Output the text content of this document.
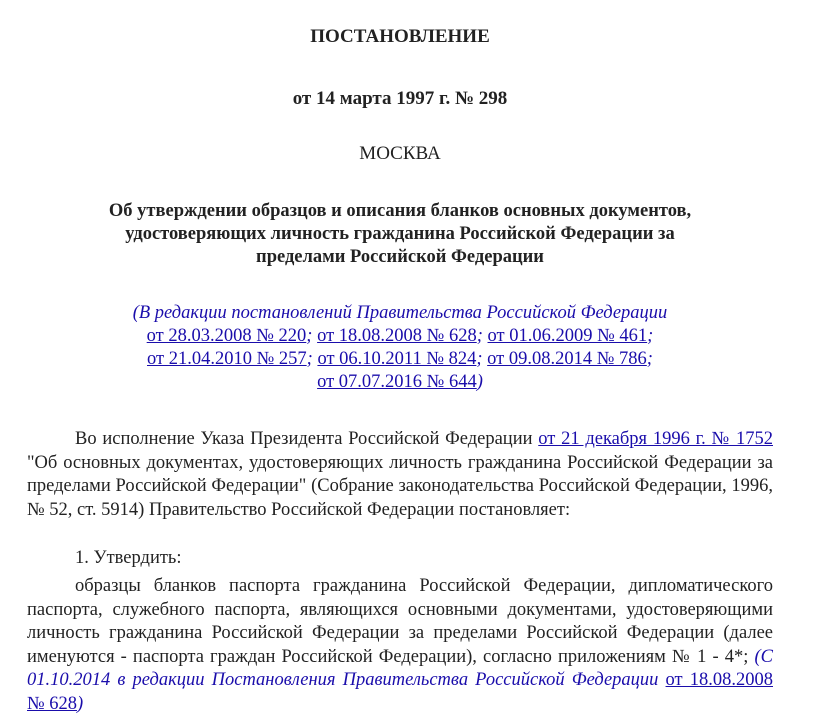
ПОСТАНОВЛЕНИЕ
от 14 марта 1997 г. № 298
МОСКВА
Об утверждении образцов и описания бланков основных документов, удостоверяющих личность гражданина Российской Федерации за пределами Российской Федерации
(В редакции постановлений Правительства Российской Федерации
от 28.03.2008 № 220; от 18.08.2008 № 628; от 01.06.2009 № 461;
от 21.04.2010 № 257; от 06.10.2011 № 824; от 09.08.2014 № 786;
от 07.07.2016 № 644)
Во исполнение Указа Президента Российской Федерации от 21 декабря 1996 г. № 1752 "Об основных документах, удостоверяющих личность гражданина Российской Федерации за пределами Российской Федерации" (Собрание законодательства Российской Федерации, 1996, № 52, ст. 5914) Правительство Российской Федерации постановляет:
1. Утвердить:
образцы бланков паспорта гражданина Российской Федерации, дипломатического паспорта, служебного паспорта, являющихся основными документами, удостоверяющими личность гражданина Российской Федерации за пределами Российской Федерации (далее именуются - паспорта граждан Российской Федерации), согласно приложениям № 1 - 4*; (С 01.10.2014 в редакции Постановления Правительства Российской Федерации от 18.08.2008 № 628)
